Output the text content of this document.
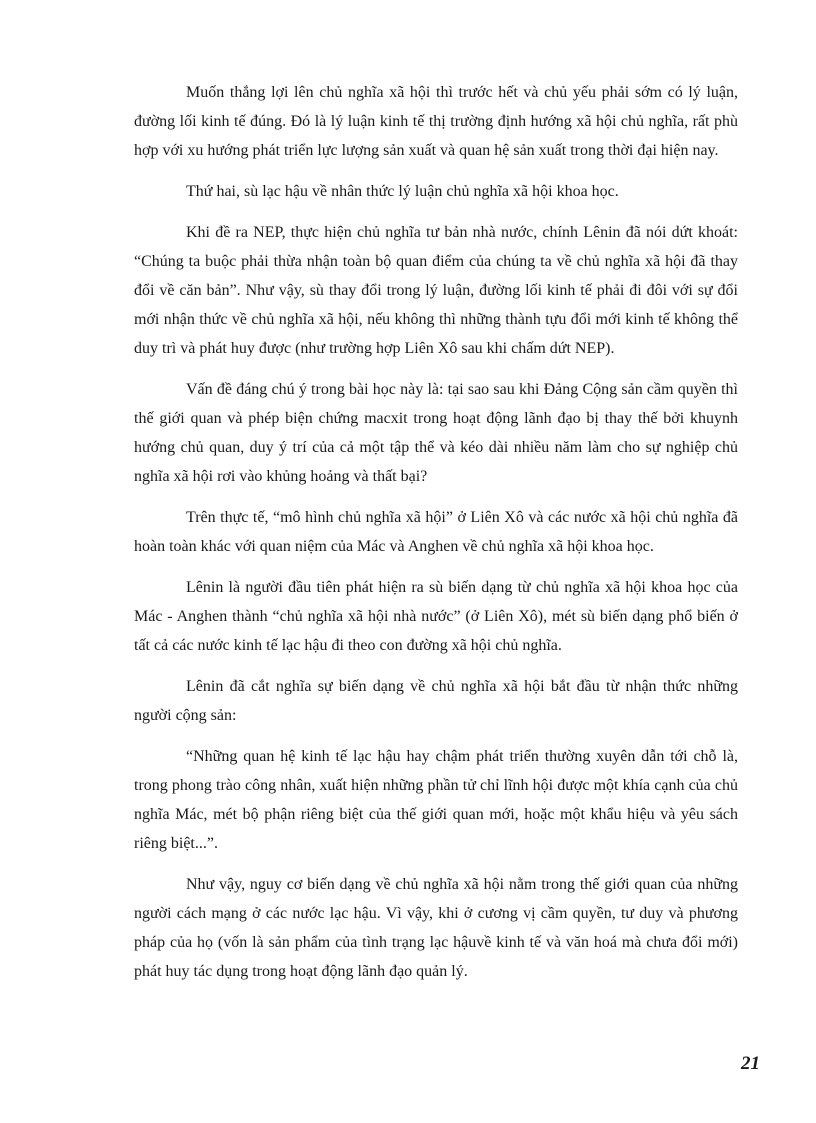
Muốn thắng lợi lên chủ nghĩa xã hội thì trước hết và chủ yếu phải sớm có lý luận, đường lối kinh tế đúng. Đó là lý luận kinh tế thị trường định hướng xã hội chủ nghĩa, rất phù hợp với xu hướng phát triển lực lượng sản xuất và quan hệ sản xuất trong thời đại hiện nay.

Thứ hai, sù lạc hậu về nhân thức lý luận chủ nghĩa xã hội khoa học.

Khi đề ra NEP, thực hiện chủ nghĩa tư bản nhà nước, chính Lênin đã nói dứt khoát: “Chúng ta buộc phải thừa nhận toàn bộ quan điểm của chúng ta về chủ nghĩa xã hội đã thay đổi về căn bản”. Như vậy, sù thay đổi trong lý luận, đường lối kinh tế phải đi đôi với sự đổi mới nhận thức về chủ nghĩa xã hội, nếu không thì những thành tựu đổi mới kinh tế không thể duy trì và phát huy được (như trường hợp Liên Xô sau khi chấm dứt NEP).

Vấn đề đáng chú ý trong bài học này là: tại sao sau khi Đảng Cộng sản cầm quyền thì thế giới quan và phép biện chứng macxit trong hoạt động lãnh đạo bị thay thế bởi khuynh hướng chủ quan, duy ý trí của cả một tập thể và kéo dài nhiều năm làm cho sự nghiệp chủ nghĩa xã hội rơi vào khủng hoảng và thất bại?

Trên thực tế, “mô hình chủ nghĩa xã hội” ở Liên Xô và các nước xã hội chủ nghĩa đã hoàn toàn khác với quan niệm của Mác và Anghen về chủ nghĩa xã hội khoa học.

Lênin là người đầu tiên phát hiện ra sù biến dạng từ chủ nghĩa xã hội khoa học của Mác - Anghen thành “chủ nghĩa xã hội nhà nước” (ở Liên Xô), mét sù biến dạng phổ biến ở tất cả các nước kinh tế lạc hậu đi theo con đường xã hội chủ nghĩa.

Lênin đã cắt nghĩa sự biến dạng về chủ nghĩa xã hội bắt đầu từ nhận thức những người cộng sản:

“Những quan hệ kinh tế lạc hậu hay chậm phát triển thường xuyên dẫn tới chỗ là, trong phong trào công nhân, xuất hiện những phần tử chỉ lĩnh hội được một khía cạnh của chủ nghĩa Mác, mét bộ phận riêng biệt của thế giới quan mới, hoặc một khẩu hiệu và yêu sách riêng biệt...”.

Như vậy, nguy cơ biến dạng về chủ nghĩa xã hội nằm trong thế giới quan của những người cách mạng ở các nước lạc hậu. Vì vậy, khi ở cương vị cầm quyền, tư duy và phương pháp của họ (vốn là sản phẩm của tình trạng lạc hậuvề kinh tế và văn hoá mà chưa đổi mới) phát huy tác dụng trong hoạt động lãnh đạo quản lý.

21
